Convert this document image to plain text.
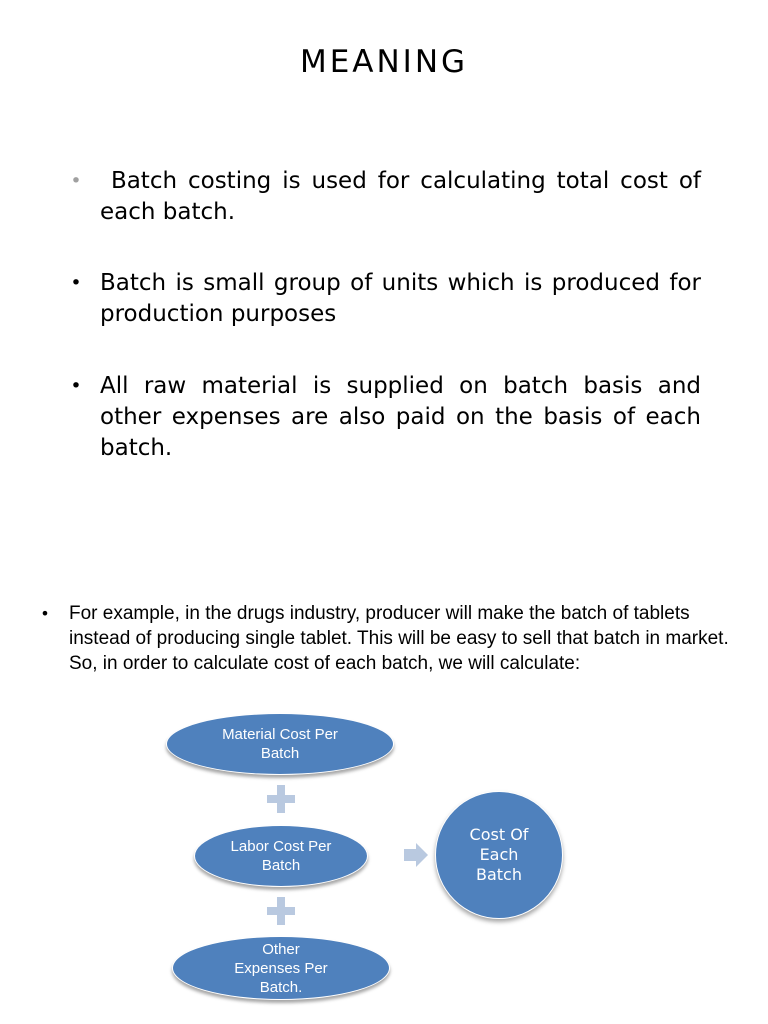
MEANING
• Batch costing is used for calculating total cost of each batch.
• Batch is small group of units which is produced for production purposes
• All raw material is supplied on batch basis and other expenses are also paid on the basis of each batch.
• For example, in the drugs industry, producer will make the batch of tablets instead of producing single tablet. This will be easy to sell that batch in market. So, in order to calculate cost of each batch, we will calculate:
Material Cost Per
Batch
Labor Cost Per
Batch
Other
Expenses Per
Batch.
Cost Of
Each
Batch
